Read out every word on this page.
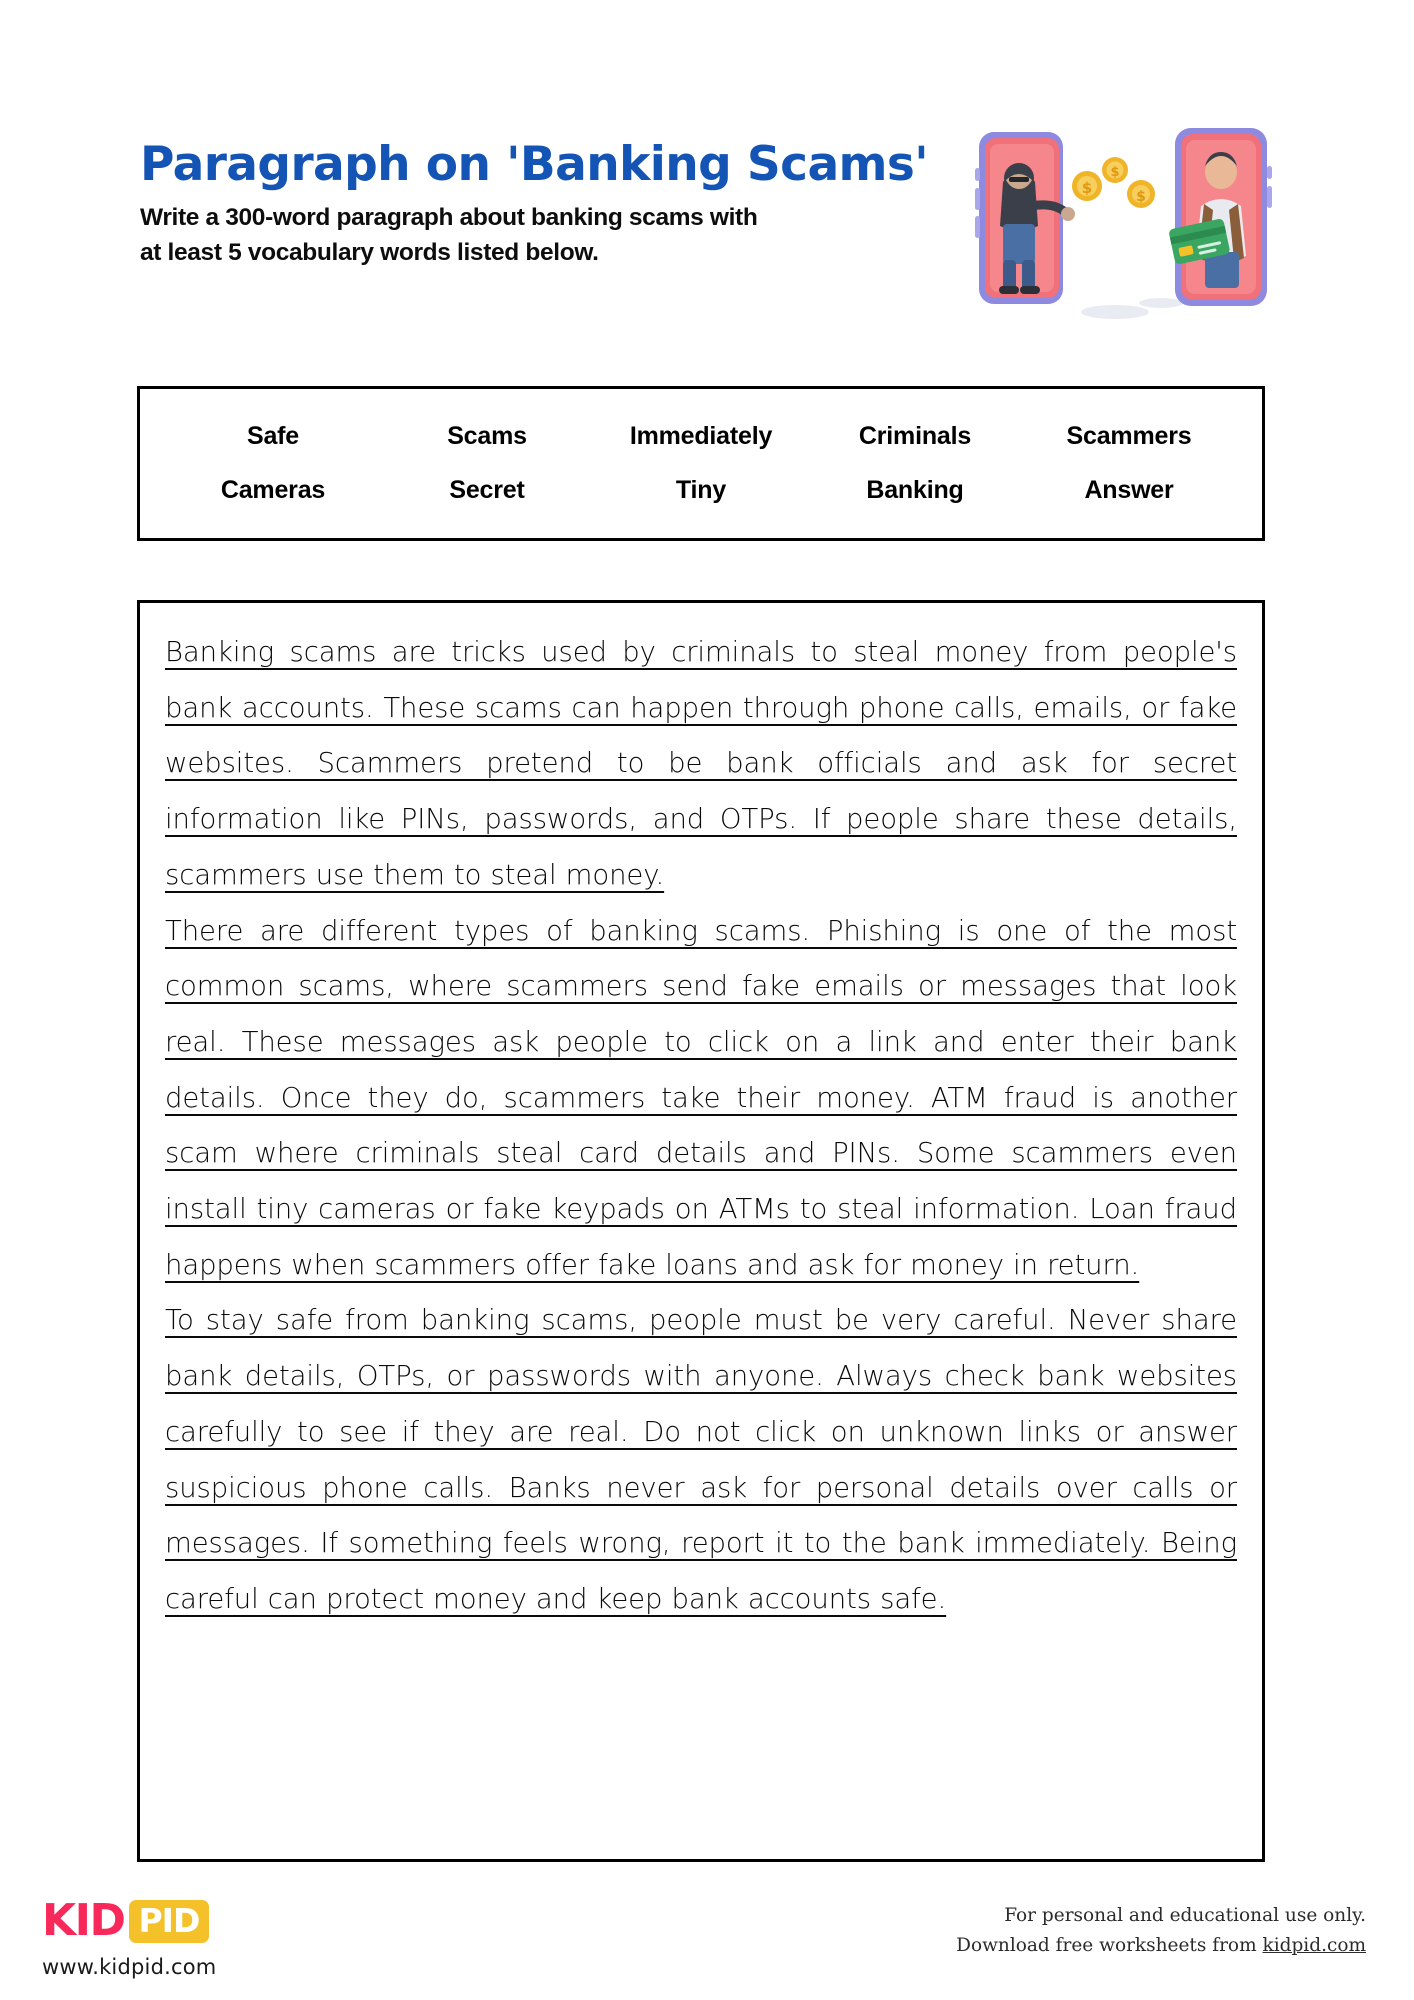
Paragraph on 'Banking Scams'
Write a 300-word paragraph about banking scams with
at least 5 vocabulary words listed below.
$
$
$
Safe	Scams	Immediately	Criminals	Scammers
Cameras	Secret	Tiny	Banking	Answer

Banking scams are tricks used by criminals to steal money from people's bank accounts. These scams can happen through phone calls, emails, or fake websites. Scammers pretend to be bank officials and ask for secret information like PINs, passwords, and OTPs. If people share these details, scammers use them to steal money.

There are different types of banking scams. Phishing is one of the most common scams, where scammers send fake emails or messages that look real. These messages ask people to click on a link and enter their bank details. Once they do, scammers take their money. ATM fraud is another scam where criminals steal card details and PINs. Some scammers even install tiny cameras or fake keypads on ATMs to steal information. Loan fraud happens when scammers offer fake loans and ask for money in return.

To stay safe from banking scams, people must be very careful. Never share bank details, OTPs, or passwords with anyone. Always check bank websites carefully to see if they are real. Do not click on unknown links or answer suspicious phone calls. Banks never ask for personal details over calls or messages. If something feels wrong, report it to the bank immediately. Being careful can protect money and keep bank accounts safe.

KID PID
www.kidpid.com
For personal and educational use only.
Download free worksheets from kidpid.com
